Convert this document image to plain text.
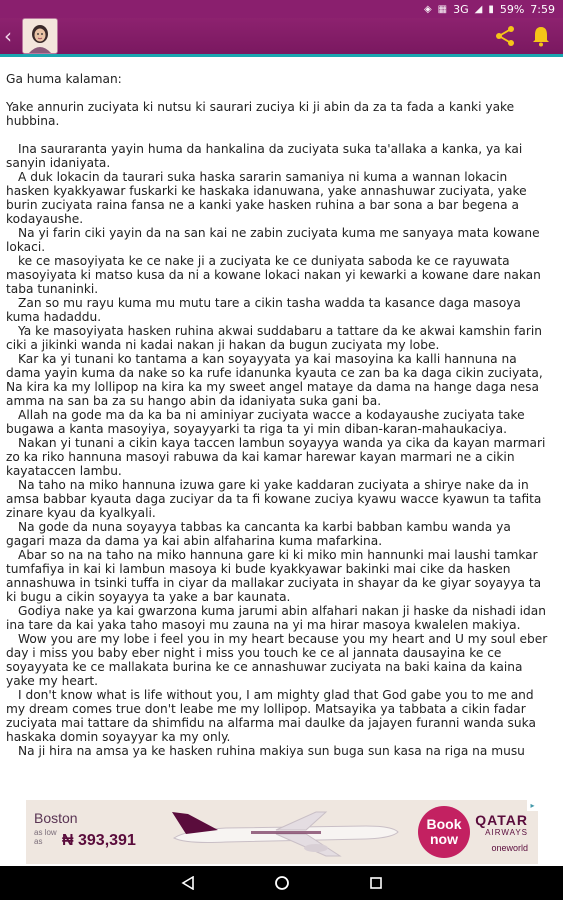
◈ ▦ 3G ◢ ▮ 59% 7:59
‹

Ga huma kalaman:

Yake annurin zuciyata ki nutsu ki saurari zuciya ki ji abin da za ta fada a kanki yake hubbina.

Ina sauraranta yayin huma da hankalina da zuciyata suka ta'allaka a kanka, ya kai sanyin idaniyata.

A duk lokacin da taurari suka haska sararin samaniya ni kuma a wannan lokacin hasken kyakkyawar fuskarki ke haskaka idanuwana, yake annashuwar zuciyata, yake burin zuciyata raina fansa ne a kanki yake hasken ruhina a bar sona a bar begena a kodayaushe.

Na yi farin ciki yayin da na san kai ne zabin zuciyata kuma me sanyaya mata kowane lokaci.

ke ce masoyiyata ke ce nake ji a zuciyata ke ce duniyata saboda ke ce rayuwata masoyiyata ki matso kusa da ni a kowane lokaci nakan yi kewarki a kowane dare nakan taba tunaninki.

Zan so mu rayu kuma mu mutu tare a cikin tasha wadda ta kasance daga masoya kuma hadaddu.

Ya ke masoyiyata hasken ruhina akwai suddabaru a tattare da ke akwai kamshin farin ciki a jikinki wanda ni kadai nakan ji hakan da bugun zuciyata my lobe.

Kar ka yi tunani ko tantama a kan soyayyata ya kai masoyina ka kalli hannuna na dama yayin kuma da nake so ka rufe idanunka kyauta ce zan ba ka daga cikin zuciyata, Na kira ka my lollipop na kira ka my sweet angel mataye da dama na hange daga nesa amma na san ba za su hango abin da idaniyata suka gani ba.

Allah na gode ma da ka ba ni aminiyar zuciyata wacce a kodayaushe zuciyata take bugawa a kanta masoyiya, soyayyarki ta riga ta yi min diban-karan-mahaukaciya.

Nakan yi tunani a cikin kaya taccen lambun soyayya wanda ya cika da kayan marmari zo ka riko hannuna masoyi rabuwa da kai kamar harewar kayan marmari ne a cikin kayataccen lambu.

Na taho na miko hannuna izuwa gare ki yake kaddaran zuciyata a shirye nake da in amsa babbar kyauta daga zuciyar da ta fi kowane zuciya kyawu wacce kyawun ta tafita zinare kyau da kyalkyali.

Na gode da nuna soyayya tabbas ka cancanta ka karbi babban kambu wanda ya gagari maza da dama ya kai abin alfaharina kuma mafarkina.

Abar so na na taho na miko hannuna gare ki ki miko min hannunki mai laushi tamkar tumfafiya in kai ki lambun masoya ki bude kyakkyawar bakinki mai cike da hasken annashuwa in tsinki tuffa in ciyar da mallakar zuciyata in shayar da ke giyar soyayya ta ki bugu a cikin soyayya ta yake a bar kaunata.

Godiya nake ya kai gwarzona kuma jarumi abin alfahari nakan ji haske da nishadi idan ina tare da kai yaka taho masoyi mu zauna na yi ma hirar masoya kwalelen makiya.

Wow you are my lobe i feel you in my heart because you my heart and U my soul eber day i miss you baby eber night i miss you touch ke ce al jannata dausayina ke ce soyayyata ke ce mallakata burina ke ce annashuwar zuciyata na baki kaina da kaina yake my heart.

I don't know what is life without you, I am mighty glad that God gabe you to me and my dream comes true don't leabe me my lollipop. Matsayika ya tabbata a cikin fadar zuciyata mai tattare da shimfidu na alfarma mai daulke da jajayen furanni wanda suka haskaka domin soyayyar ka my only.

Na ji hira na amsa ya ke hasken ruhina makiya sun buga sun kasa na riga na musu

▸
Boston
as low as	₦ 393,391
Book
now
QATAR
AIRWAYS
oneworld
